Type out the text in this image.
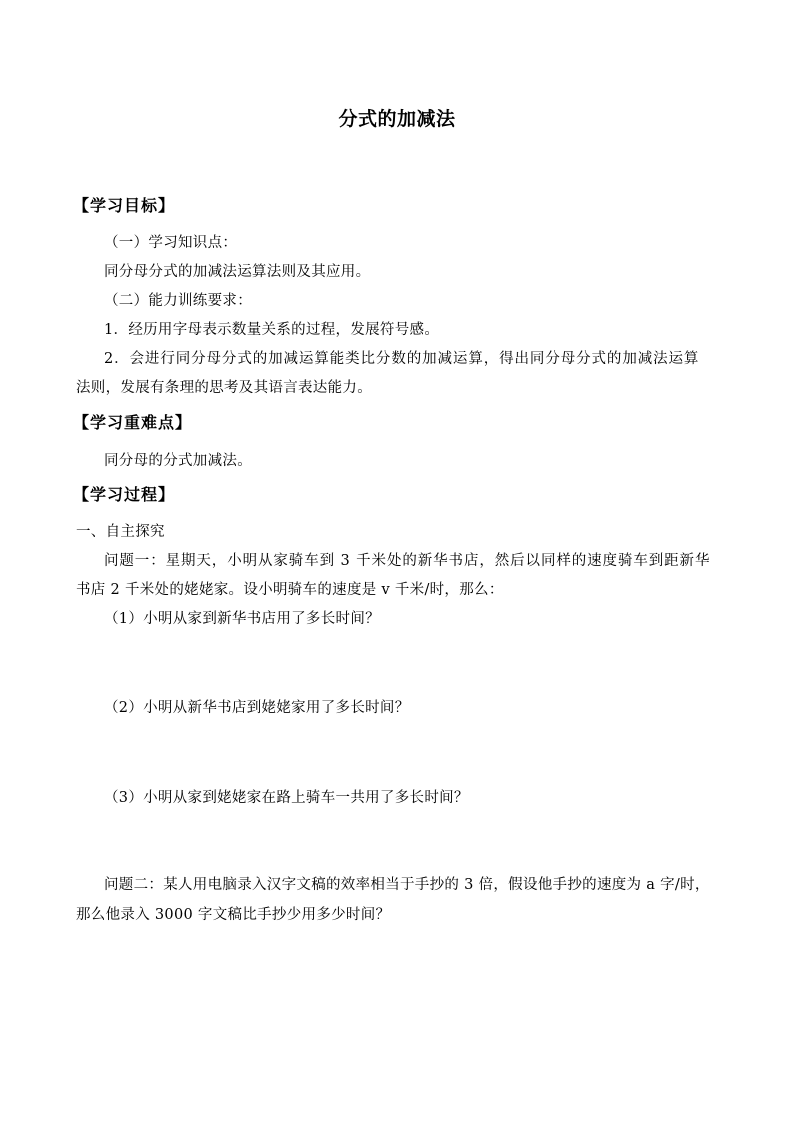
分式的加减法
【学习目标】
（一）学习知识点：
同分母分式的加减法运算法则及其应用。
（二）能力训练要求：
1．经历用字母表示数量关系的过程，发展符号感。
2．会进行同分母分式的加减运算能类比分数的加减运算，得出同分母分式的加减法运算
法则，发展有条理的思考及其语言表达能力。
【学习重难点】
同分母的分式加减法。
【学习过程】
一、自主探究
问题一：星期天，小明从家骑车到 3 千米处的新华书店，然后以同样的速度骑车到距新华
书店 2 千米处的姥姥家。设小明骑车的速度是 v 千米/时，那么：
（1）小明从家到新华书店用了多长时间？
（2）小明从新华书店到姥姥家用了多长时间？
（3）小明从家到姥姥家在路上骑车一共用了多长时间？
问题二：某人用电脑录入汉字文稿的效率相当于手抄的 3 倍，假设他手抄的速度为 a 字/时，
那么他录入 3000 字文稿比手抄少用多少时间？
